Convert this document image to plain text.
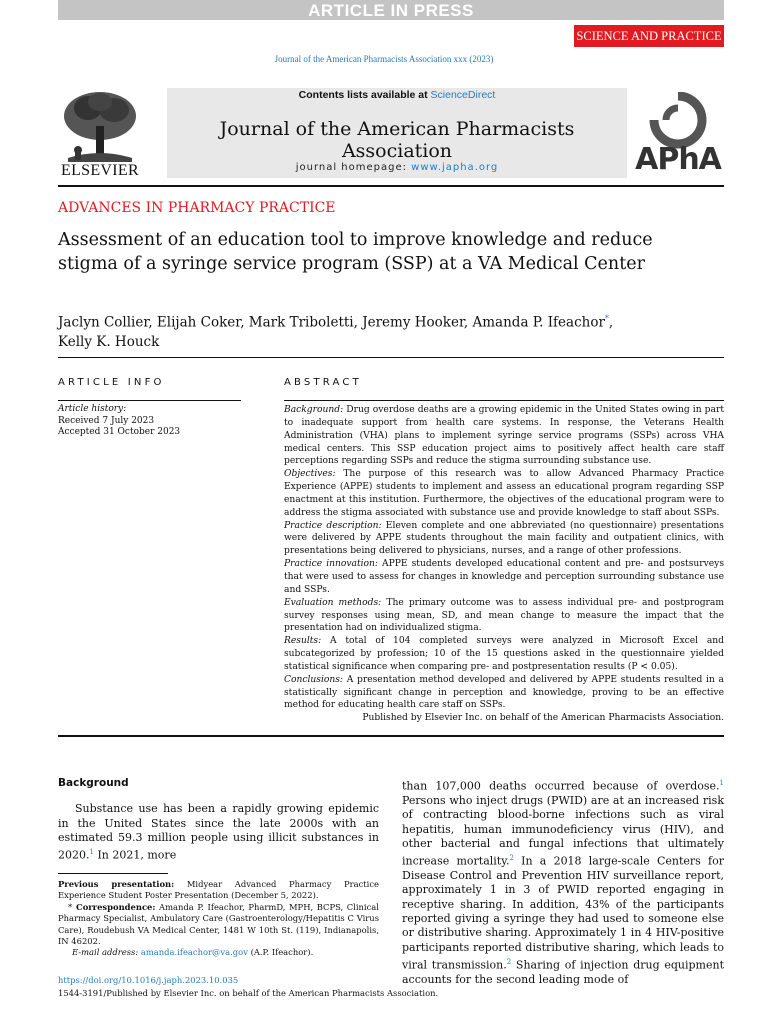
ARTICLE IN PRESS
SCIENCE AND PRACTICE
Journal of the American Pharmacists Association xxx (2023)
ELSEVIER
Contents lists available at ScienceDirect
Journal of the American Pharmacists Association
journal homepage: www.japha.org	APhA
ADVANCES IN PHARMACY PRACTICE
Assessment of an education tool to improve knowledge and reduce stigma of a syringe service program (SSP) at a VA Medical Center
Jaclyn Collier, Elijah Coker, Mark Triboletti, Jeremy Hooker, Amanda P. Ifeachor*,
Kelly K. Houck
ARTICLE INFO	ABSTRACT
Article history:
Received 7 July 2023
Accepted 31 October 2023

Background: Drug overdose deaths are a growing epidemic in the United States owing in part to inadequate support from health care systems. In response, the Veterans Health Administration (VHA) plans to implement syringe service programs (SSPs) across VHA medical centers. This SSP education project aims to positively affect health care staff perceptions regarding SSPs and reduce the stigma surrounding substance use.

Objectives: The purpose of this research was to allow Advanced Pharmacy Practice Experience (APPE) students to implement and assess an educational program regarding SSP enactment at this institution. Furthermore, the objectives of the educational program were to address the stigma associated with substance use and provide knowledge to staff about SSPs.

Practice description: Eleven complete and one abbreviated (no questionnaire) presentations were delivered by APPE students throughout the main facility and outpatient clinics, with presentations being delivered to physicians, nurses, and a range of other professions.

Practice innovation: APPE students developed educational content and pre- and postsurveys that were used to assess for changes in knowledge and perception surrounding substance use and SSPs.

Evaluation methods: The primary outcome was to assess individual pre- and postprogram survey responses using mean, SD, and mean change to measure the impact that the presentation had on individualized stigma.

Results: A total of 104 completed surveys were analyzed in Microsoft Excel and subcategorized by profession; 10 of the 15 questions asked in the questionnaire yielded statistical significance when comparing pre- and postpresentation results (P < 0.05).

Conclusions: A presentation method developed and delivered by APPE students resulted in a statistically significant change in perception and knowledge, proving to be an effective method for educating health care staff on SSPs.

Published by Elsevier Inc. on behalf of the American Pharmacists Association.

Background

Substance use has been a rapidly growing epidemic in the United States since the late 2000s with an estimated 59.3 million people using illicit substances in 2020.$^1$ In 2021, more

than 107,000 deaths occurred because of overdose.$^1$ Persons who inject drugs (PWID) are at an increased risk of contracting blood-borne infections such as viral hepatitis, human immunodeficiency virus (HIV), and other bacterial and fungal infections that ultimately increase mortality.$^2$ In a 2018 large-scale Centers for Disease Control and Prevention HIV surveillance report, approximately 1 in 3 of PWID reported engaging in receptive sharing. In addition, 43% of the participants reported giving a syringe they had used to someone else or distributive sharing. Approximately 1 in 4 HIV-positive participants reported distributive sharing, which leads to viral transmission.$^2$ Sharing of injection drug equipment accounts for the second leading mode of

Previous presentation: Midyear Advanced Pharmacy Practice Experience Student Poster Presentation (December 5, 2022).

* Correspondence: Amanda P. Ifeachor, PharmD, MPH, BCPS, Clinical Pharmacy Specialist, Ambulatory Care (Gastroenterology/Hepatitis C Virus Care), Roudebush VA Medical Center, 1481 W 10th St. (119), Indianapolis, IN 46202.

E-mail address: amanda.ifeachor@va.gov (A.P. Ifeachor).

https://doi.org/10.1016/j.japh.2023.10.035
1544-3191/Published by Elsevier Inc. on behalf of the American Pharmacists Association.
